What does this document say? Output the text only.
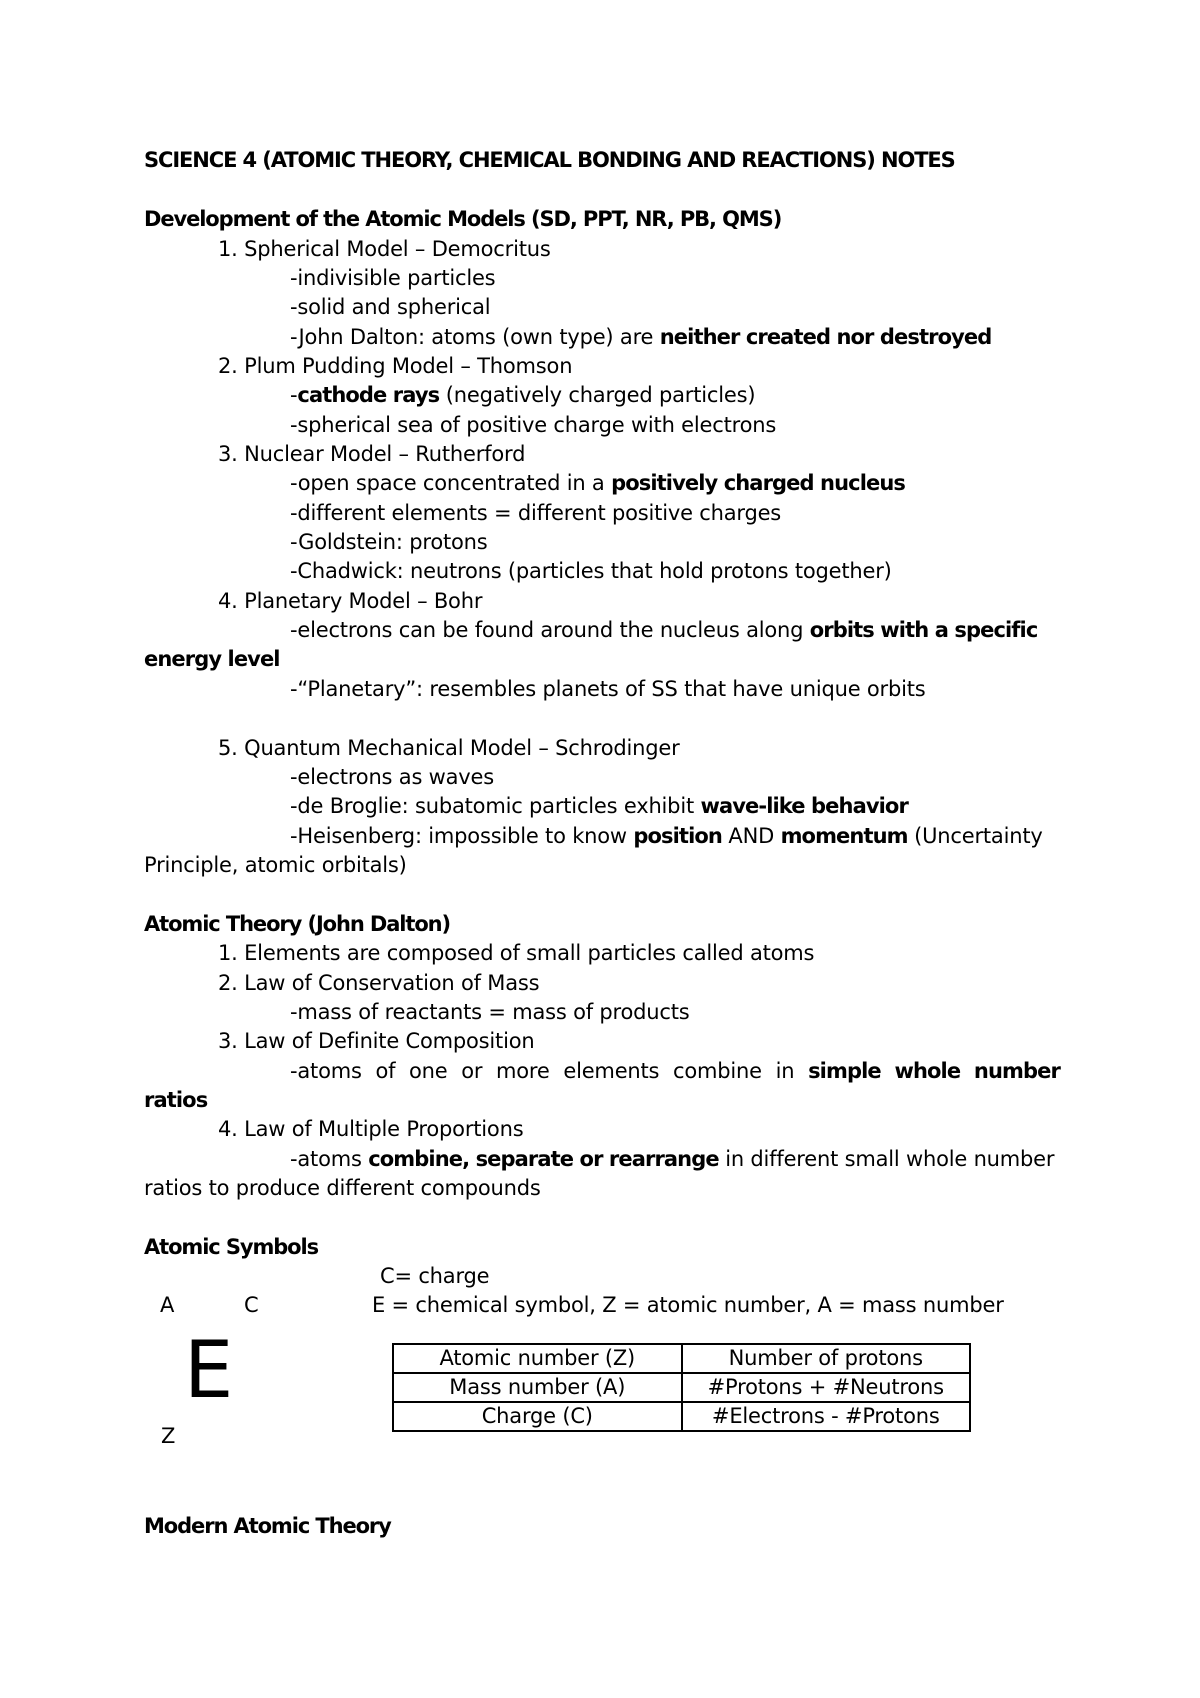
SCIENCE 4 (ATOMIC THEORY, CHEMICAL BONDING AND REACTIONS) NOTES
Development of the Atomic Models (SD, PPT, NR, PB, QMS)
1. Spherical Model – Democritus
-indivisible particles
-solid and spherical
-John Dalton: atoms (own type) are neither created nor destroyed
2. Plum Pudding Model – Thomson
-cathode rays (negatively charged particles)
-spherical sea of positive charge with electrons
3. Nuclear Model – Rutherford
-open space concentrated in a positively charged nucleus
-different elements = different positive charges
-Goldstein: protons
-Chadwick: neutrons (particles that hold protons together)
4. Planetary Model – Bohr
-electrons can be found around the nucleus along orbits with a specific
energy level
-“Planetary”: resembles planets of SS that have unique orbits
5. Quantum Mechanical Model – Schrodinger
-electrons as waves
-de Broglie: subatomic particles exhibit wave-like behavior
-Heisenberg: impossible to know position AND momentum (Uncertainty
Principle, atomic orbitals)
Atomic Theory (John Dalton)
1. Elements are composed of small particles called atoms
2. Law of Conservation of Mass
-mass of reactants = mass of products
3. Law of Definite Composition
-atoms of one or more elements combine in simple whole number
ratios
4. Law of Multiple Proportions
-atoms combine, separate or rearrange in different small whole number
ratios to produce different compounds
Atomic Symbols
C= charge
A	C	E = chemical symbol, Z = atomic number, A = mass number
E
Z
Atomic number (Z)	Number of protons
Mass number (A)	#Protons + #Neutrons
Charge (C)	#Electrons - #Protons
Modern Atomic Theory
